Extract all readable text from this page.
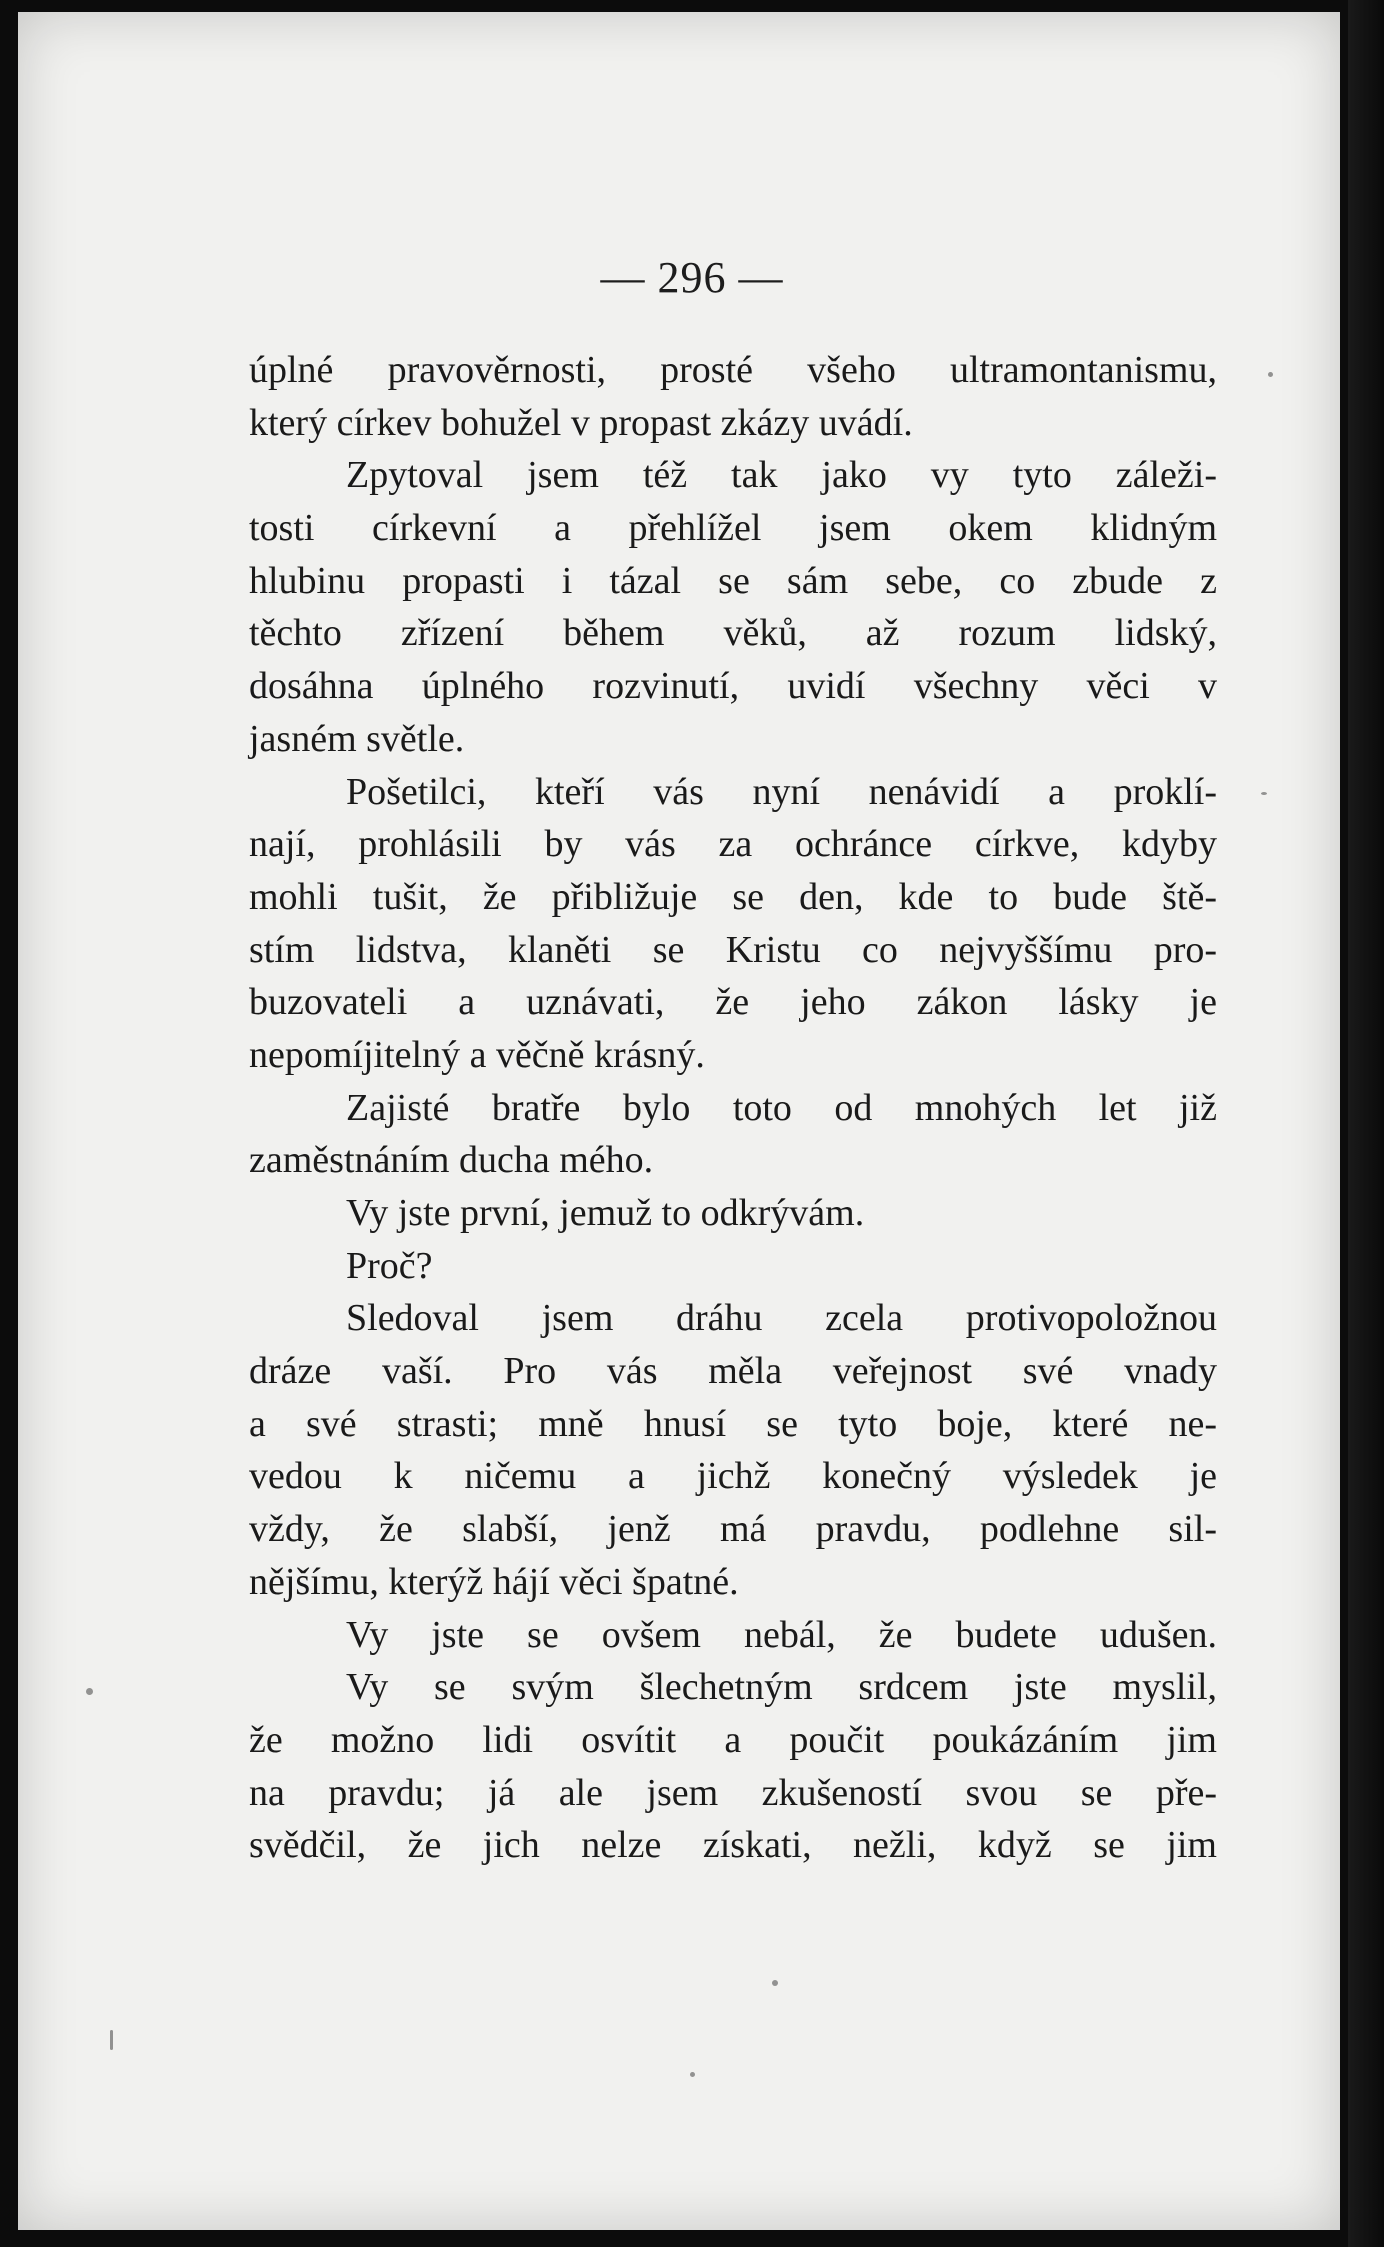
— 296 —
úplné pravověrnosti, prosté všeho ultramontanismu,
který církev bohužel v propast zkázy uvádí.
Zpytoval jsem též tak jako vy tyto záleži-
tosti církevní a přehlížel jsem okem klidným
hlubinu propasti i tázal se sám sebe, co zbude z
těchto zřízení během věků, až rozum lidský,
dosáhna úplného rozvinutí, uvidí všechny věci v
jasném světle.
Pošetilci, kteří vás nyní nenávidí a proklí-
nají, prohlásili by vás za ochránce církve, kdyby
mohli tušit, že přibližuje se den, kde to bude ště-
stím lidstva, klaněti se Kristu co nejvyššímu pro-
buzovateli a uznávati, že jeho zákon lásky je
nepomíjitelný a věčně krásný.
Zajisté bratře bylo toto od mnohých let již
zaměstnáním ducha mého.
Vy jste první, jemuž to odkrývám.
Proč?
Sledoval jsem dráhu zcela protivopoložnou
dráze vaší. Pro vás měla veřejnost své vnady
a své strasti; mně hnusí se tyto boje, které ne-
vedou k ničemu a jichž konečný výsledek je
vždy, že slabší, jenž má pravdu, podlehne sil-
nějšímu, kterýž hájí věci špatné.
Vy jste se ovšem nebál, že budete udušen.
Vy se svým šlechetným srdcem jste myslil,
že možno lidi osvítit a poučit poukázáním jim
na pravdu; já ale jsem zkušeností svou se pře-
svědčil, že jich nelze získati, nežli, když se jim
